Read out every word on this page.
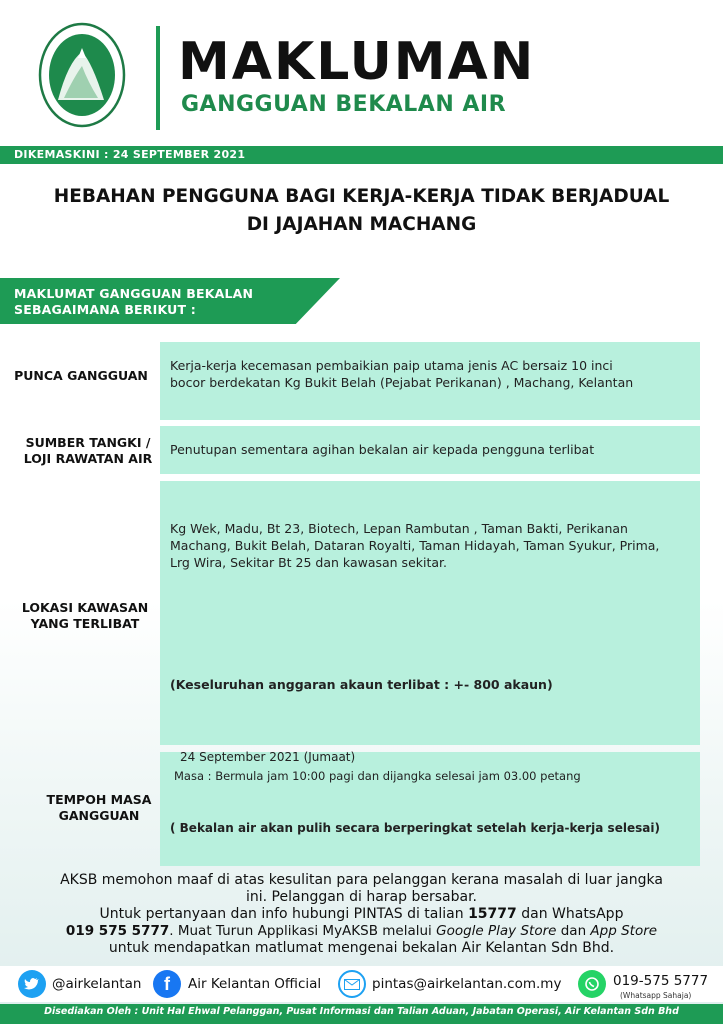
MAKLUMAN
GANGGUAN BEKALAN AIR
DIKEMASKINI : 24 SEPTEMBER 2021
HEBAHAN PENGGUNA BAGI KERJA-KERJA TIDAK BERJADUAL
DI JAJAHAN MACHANG
MAKLUMAT GANGGUAN BEKALAN
SEBAGAIMANA BERIKUT :
PUNCA GANGGUAN
Kerja-kerja kecemasan pembaikian paip utama jenis AC bersaiz 10 inci
bocor berdekatan Kg Bukit Belah (Pejabat Perikanan) , Machang, Kelantan
SUMBER TANGKI /
LOJI RAWATAN AIR
Penutupan sementara agihan bekalan air kepada pengguna terlibat
LOKASI KAWASAN
YANG TERLIBAT
Kg Wek, Madu, Bt 23, Biotech, Lepan Rambutan , Taman Bakti, Perikanan
Machang, Bukit Belah, Dataran Royalti, Taman Hidayah, Taman Syukur, Prima,
Lrg Wira, Sekitar Bt 25 dan kawasan sekitar.
(Keseluruhan anggaran akaun terlibat : +- 800 akaun)
TEMPOH MASA
GANGGUAN
24 September 2021 (Jumaat)
Masa : Bermula jam 10:00 pagi dan dijangka selesai jam 03.00 petang
( Bekalan air akan pulih secara berperingkat setelah kerja-kerja selesai)
AKSB memohon maaf di atas kesulitan para pelanggan kerana masalah di luar jangka
ini. Pelanggan di harap bersabar.
Untuk pertanyaan dan info hubungi PINTAS di talian 15777 dan WhatsApp
019 575 5777. Muat Turun Applikasi MyAKSB melalui Google Play Store dan App Store
untuk mendapatkan matlumat mengenai bekalan Air Kelantan Sdn Bhd.
@airkelantan f Air Kelantan Official	pintas@airkelantan.com.my	019-575 5777
(Whatsapp Sahaja)
Disediakan Oleh : Unit Hal Ehwal Pelanggan, Pusat Informasi dan Talian Aduan, Jabatan Operasi, Air Kelantan Sdn Bhd
